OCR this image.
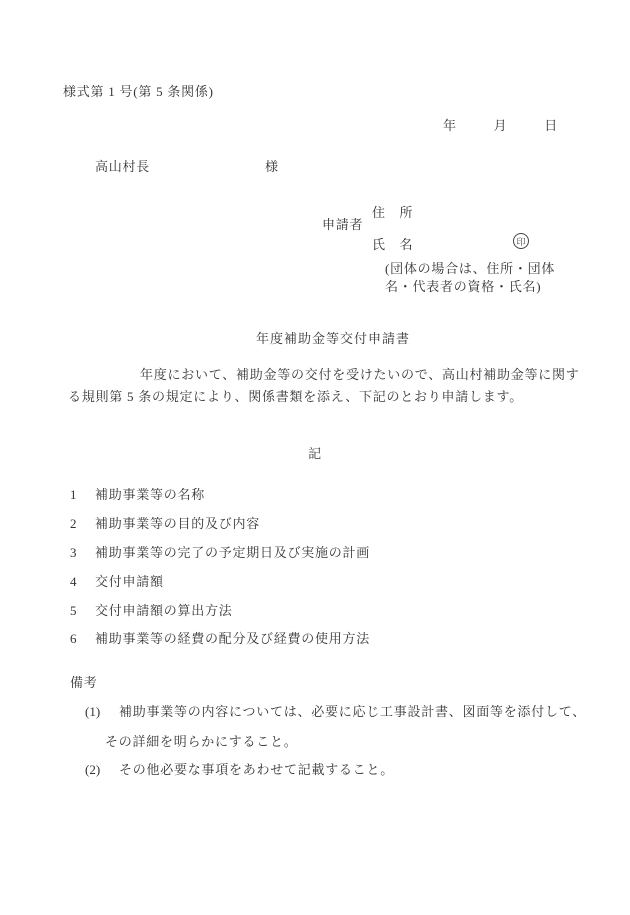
様式第 1 号(第 5 条関係)
年	月	日
高山村長	様
申請者
住　所
氏　名	印
(団体の場合は、住所・団体
名・代表者の資格・氏名)
年度補助金等交付申請書
年度において、補助金等の交付を受けたいので、高山村補助金等に関す
る規則第 5 条の規定により、関係書類を添え、下記のとおり申請します。
記
1 補助事業等の名称
2 補助事業等の目的及び内容
3 補助事業等の完了の予定期日及び実施の計画
4 交付申請額
5 交付申請額の算出方法
6 補助事業等の経費の配分及び経費の使用方法
備考
(1) 補助事業等の内容については、必要に応じ工事設計書、図面等を添付して、
その詳細を明らかにすること。
(2) その他必要な事項をあわせて記載すること。
